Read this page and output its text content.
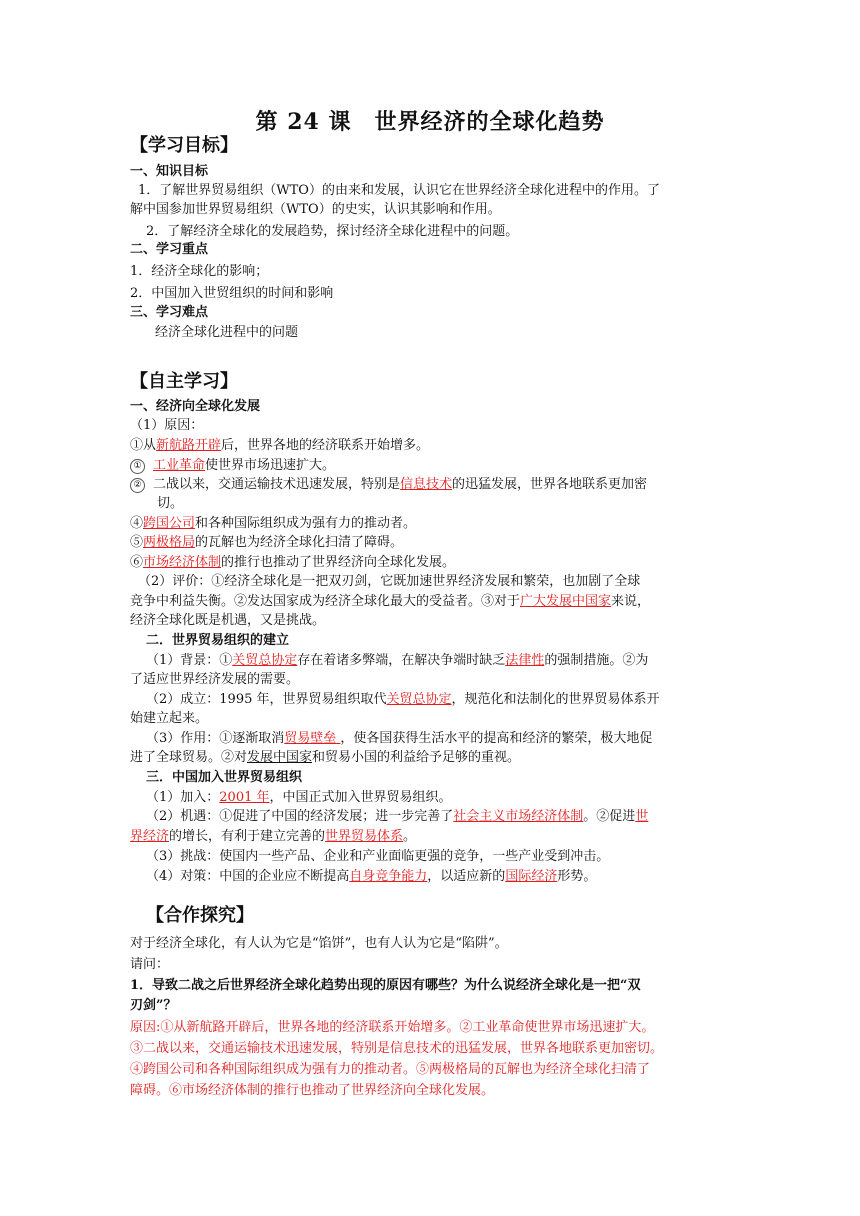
第 24 课　世界经济的全球化趋势
【学习目标】
一、知识目标
1．了解世界贸易组织（WTO）的由来和发展，认识它在世界经济全球化进程中的作用。了
解中国参加世界贸易组织（WTO）的史实，认识其影响和作用。
2．了解经济全球化的发展趋势，探讨经济全球化进程中的问题。
二、学习重点
1．经济全球化的影响；
2．中国加入世贸组织的时间和影响
三、学习难点
经济全球化进程中的问题
【自主学习】
一、经济向全球化发展
（1）原因：
①从新航路开辟后，世界各地的经济联系开始增多。
① 工业革命使世界市场迅速扩大。
② 二战以来，交通运输技术迅速发展，特别是信息技术的迅猛发展，世界各地联系更加密
切。
④跨国公司和各种国际组织成为强有力的推动者。
⑤两极格局的瓦解也为经济全球化扫清了障碍。
⑥市场经济体制的推行也推动了世界经济向全球化发展。
（2）评价：①经济全球化是一把双刃剑，它既加速世界经济发展和繁荣，也加剧了全球
竞争中利益失衡。②发达国家成为经济全球化最大的受益者。③对于广大发展中国家来说，
经济全球化既是机遇，又是挑战。
二．世界贸易组织的建立
（1）背景：①关贸总协定存在着诸多弊端，在解决争端时缺乏法律性的强制措施。②为
了适应世界经济发展的需要。
（2）成立：1995 年，世界贸易组织取代关贸总协定，规范化和法制化的世界贸易体系开
始建立起来。
（3）作用：①逐渐取消贸易壁垒 ，使各国获得生活水平的提高和经济的繁荣，极大地促
进了全球贸易。②对发展中国家和贸易小国的利益给予足够的重视。
三．中国加入世界贸易组织
（1）加入：2001 年，中国正式加入世界贸易组织。
（2）机遇：①促进了中国的经济发展；进一步完善了社会主义市场经济体制。②促进世
界经济的增长，有利于建立完善的世界贸易体系。
（3）挑战：使国内一些产品、企业和产业面临更强的竞争，一些产业受到冲击。
（4）对策：中国的企业应不断提高自身竞争能力，以适应新的国际经济形势。
【合作探究】
对于经济全球化，有人认为它是“馅饼”，也有人认为它是“陷阱”。
请问：
1．导致二战之后世界经济全球化趋势出现的原因有哪些？为什么说经济全球化是一把“双
刃剑”？
原因:①从新航路开辟后，世界各地的经济联系开始增多。②工业革命使世界市场迅速扩大。
③二战以来，交通运输技术迅速发展，特别是信息技术的迅猛发展，世界各地联系更加密切。
④跨国公司和各种国际组织成为强有力的推动者。⑤两极格局的瓦解也为经济全球化扫清了
障碍。⑥市场经济体制的推行也推动了世界经济向全球化发展。
